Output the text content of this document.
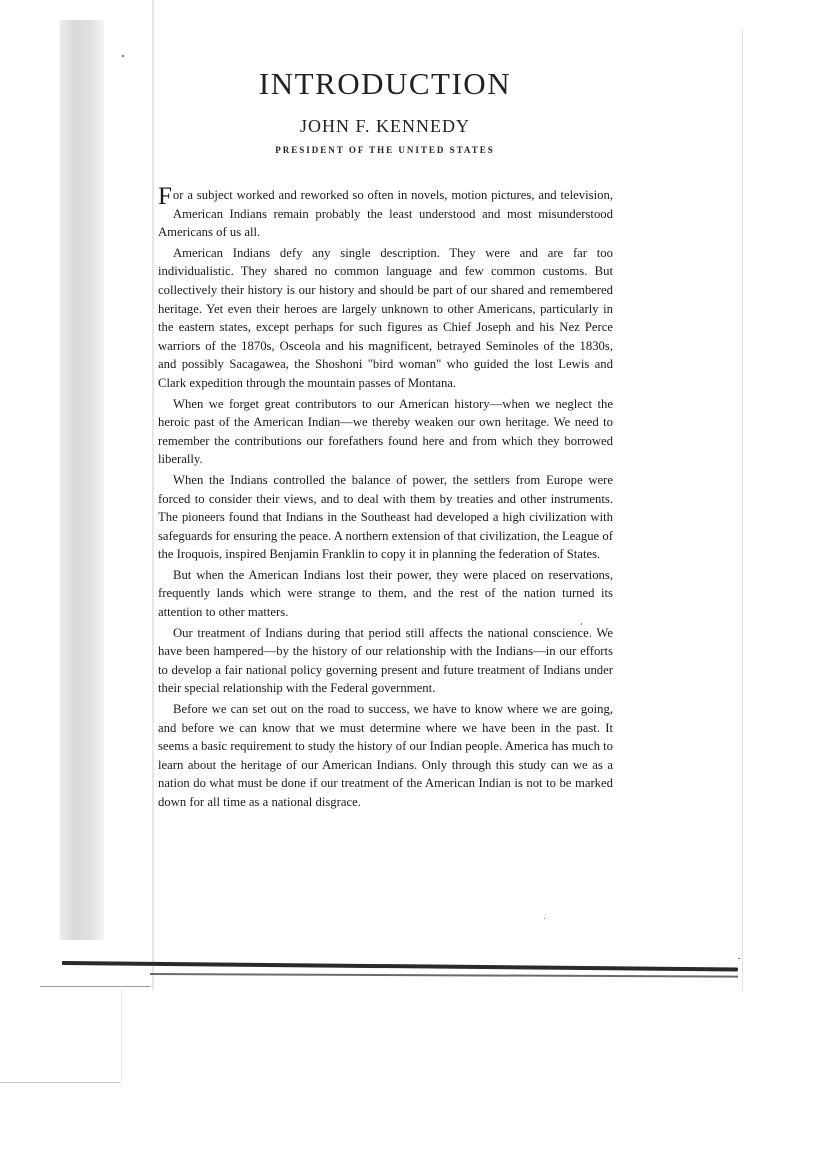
INTRODUCTION
JOHN F. KENNEDY
PRESIDENT OF THE UNITED STATES

For a subject worked and reworked so often in novels, motion pictures, and television, American Indians remain probably the least understood and most misunderstood Americans of us all.

American Indians defy any single description. They were and are far too individualistic. They shared no common language and few common customs. But collectively their history is our history and should be part of our shared and remembered heritage. Yet even their heroes are largely unknown to other Americans, particularly in the eastern states, except perhaps for such figures as Chief Joseph and his Nez Perce warriors of the 1870s, Osceola and his magnificent, betrayed Seminoles of the 1830s, and possibly Sacagawea, the Shoshoni "bird woman" who guided the lost Lewis and Clark expedition through the mountain passes of Montana.

When we forget great contributors to our American history—when we neglect the heroic past of the American Indian—we thereby weaken our own heritage. We need to remember the contributions our forefathers found here and from which they borrowed liberally.

When the Indians controlled the balance of power, the settlers from Europe were forced to consider their views, and to deal with them by treaties and other instruments. The pioneers found that Indians in the Southeast had developed a high civilization with safeguards for ensuring the peace. A northern extension of that civilization, the League of the Iroquois, inspired Benjamin Franklin to copy it in planning the federation of States.

But when the American Indians lost their power, they were placed on reservations, frequently lands which were strange to them, and the rest of the nation turned its attention to other matters.

Our treatment of Indians during that period still affects the national conscience. We have been hampered—by the history of our relationship with the Indians—in our efforts to develop a fair national policy governing present and future treatment of Indians under their special relationship with the Federal government.

Before we can set out on the road to success, we have to know where we are going, and before we can know that we must determine where we have been in the past. It seems a basic requirement to study the history of our Indian people. America has much to learn about the heritage of our American Indians. Only through this study can we as a nation do what must be done if our treatment of the American Indian is not to be marked down for all time as a national disgrace.
